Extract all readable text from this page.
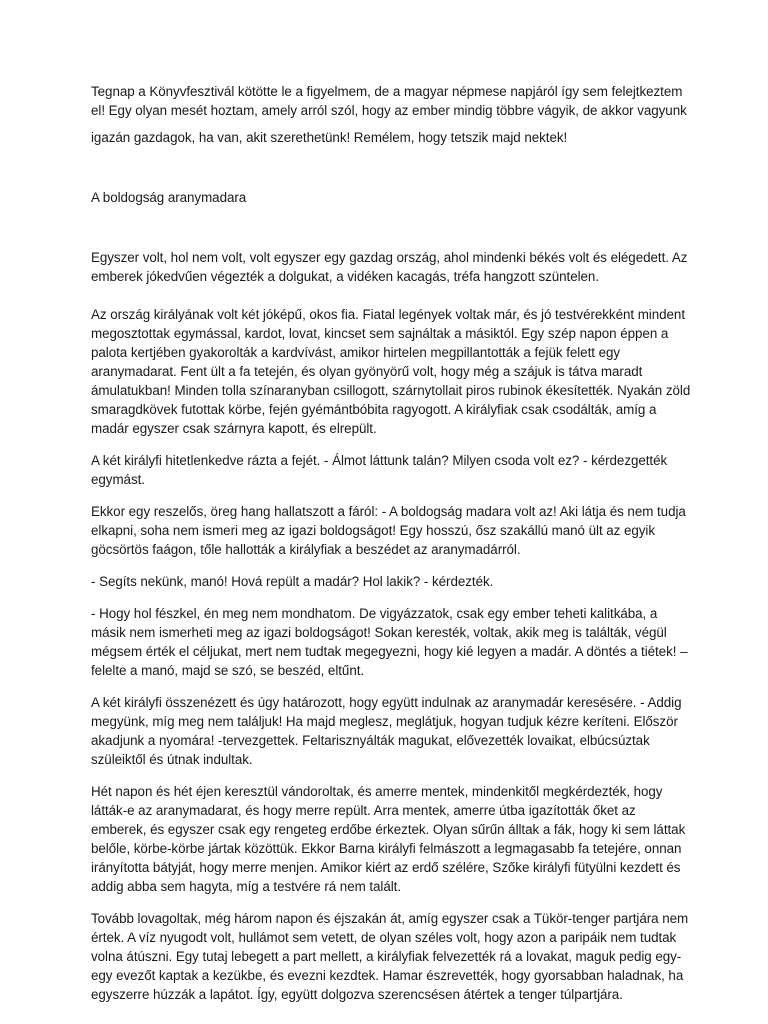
Tegnap a Könyvfesztivál kötötte le a figyelmem, de a magyar népmese napjáról így sem felejtkeztem el! Egy olyan mesét hoztam, amely arról szól, hogy az ember mindig többre vágyik, de akkor vagyunk

igazán gazdagok, ha van, akit szerethetünk! Remélem, hogy tetszik majd nektek!

A boldogság aranymadara

Egyszer volt, hol nem volt, volt egyszer egy gazdag ország, ahol mindenki békés volt és elégedett. Az emberek jókedvűen végezték a dolgukat, a vidéken kacagás, tréfa hangzott szüntelen.

Az ország királyának volt két jóképű, okos fia. Fiatal legények voltak már, és jó testvérekként mindent megosztottak egymással, kardot, lovat, kincset sem sajnáltak a másiktól. Egy szép napon éppen a palota kertjében gyakorolták a kardvívást, amikor hirtelen megpillantották a fejük felett egy aranymadarat. Fent ült a fa tetején, és olyan gyönyörű volt, hogy még a szájuk is tátva maradt ámulatukban! Minden tolla színaranyban csillogott, szárnytollait piros rubinok ékesítették. Nyakán zöld smaragdkövek futottak körbe, fején gyémántbóbita ragyogott. A királyfiak csak csodálták, amíg a madár egyszer csak szárnyra kapott, és elrepült.

A két királyfi hitetlenkedve rázta a fejét. - Álmot láttunk talán? Milyen csoda volt ez? - kérdezgették egymást.

Ekkor egy reszelős, öreg hang hallatszott a fáról: - A boldogság madara volt az! Aki látja és nem tudja elkapni, soha nem ismeri meg az igazi boldogságot! Egy hosszú, ősz szakállú manó ült az egyik göcsörtös faágon, tőle hallották a királyfiak a beszédet az aranymadárról.

- Segíts nekünk, manó! Hová repült a madár? Hol lakik? - kérdezték.

- Hogy hol fészkel, én meg nem mondhatom. De vigyázzatok, csak egy ember teheti kalitkába, a másik nem ismerheti meg az igazi boldogságot! Sokan keresték, voltak, akik meg is találták, végül mégsem érték el céljukat, mert nem tudtak megegyezni, hogy kié legyen a madár. A döntés a tiétek! – felelte a manó, majd se szó, se beszéd, eltűnt.

A két királyfi összenézett és úgy határozott, hogy együtt indulnak az aranymadár keresésére. - Addig megyünk, míg meg nem találjuk! Ha majd meglesz, meglátjuk, hogyan tudjuk kézre keríteni. Először akadjunk a nyomára! -tervezgettek. Feltarisznyálták magukat, elővezették lovaikat, elbúcsúztak szüleiktől és útnak indultak.

Hét napon és hét éjen keresztül vándoroltak, és amerre mentek, mindenkitől megkérdezték, hogy látták-e az aranymadarat, és hogy merre repült. Arra mentek, amerre útba igazították őket az emberek, és egyszer csak egy rengeteg erdőbe érkeztek. Olyan sűrűn álltak a fák, hogy ki sem láttak belőle, körbe-körbe jártak közöttük. Ekkor Barna királyfi felmászott a legmagasabb fa tetejére, onnan irányította bátyját, hogy merre menjen. Amikor kiért az erdő szélére, Szőke királyfi fütyülni kezdett és addig abba sem hagyta, míg a testvére rá nem talált.

Tovább lovagoltak, még három napon és éjszakán át, amíg egyszer csak a Tükör-tenger partjára nem értek. A víz nyugodt volt, hullámot sem vetett, de olyan széles volt, hogy azon a paripáik nem tudtak volna átúszni. Egy tutaj lebegett a part mellett, a királyfiak felvezették rá a lovakat, maguk pedig egy-egy evezőt kaptak a kezükbe, és evezni kezdtek. Hamar észrevették, hogy gyorsabban haladnak, ha egyszerre húzzák a lapátot. Így, együtt dolgozva szerencsésen átértek a tenger túlpartjára.
